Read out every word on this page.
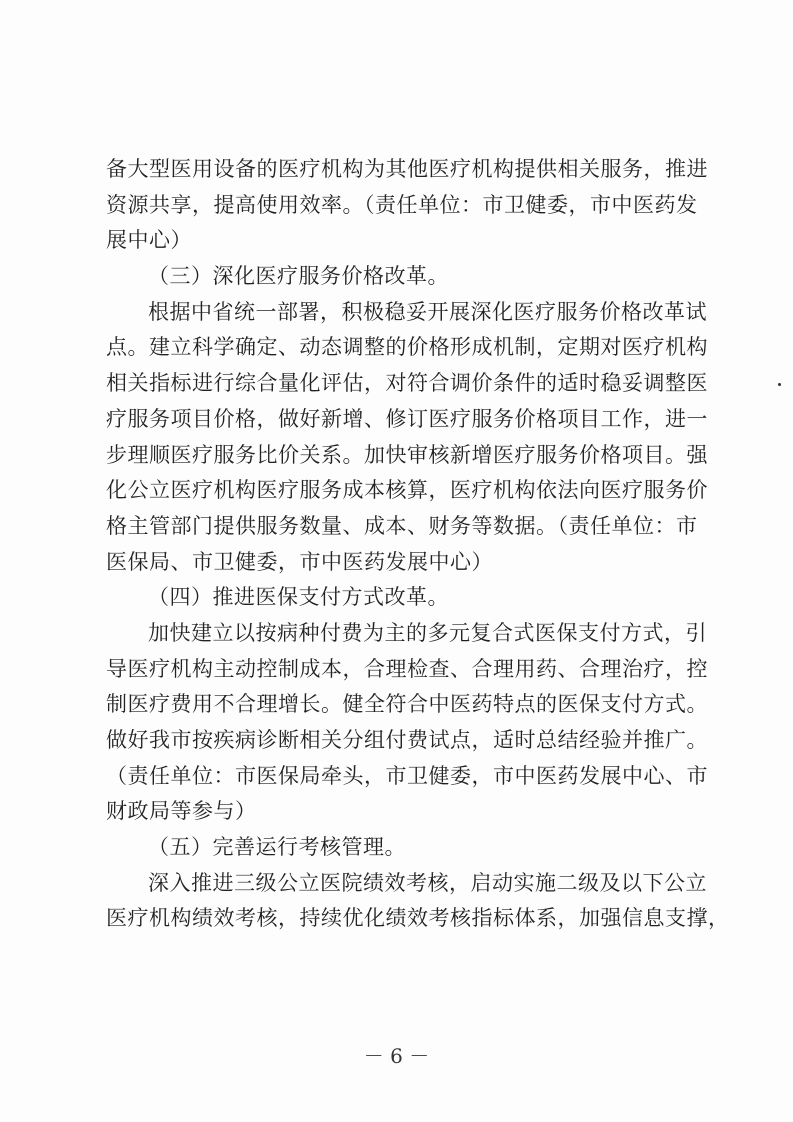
备大型医用设备的医疗机构为其他医疗机构提供相关服务，推进
资源共享，提高使用效率。（责任单位：市卫健委，市中医药发
展中心）
（三）深化医疗服务价格改革。
根据中省统一部署，积极稳妥开展深化医疗服务价格改革试
点。建立科学确定、动态调整的价格形成机制，定期对医疗机构
相关指标进行综合量化评估，对符合调价条件的适时稳妥调整医
疗服务项目价格，做好新增、修订医疗服务价格项目工作，进一
步理顺医疗服务比价关系。加快审核新增医疗服务价格项目。强
化公立医疗机构医疗服务成本核算，医疗机构依法向医疗服务价
格主管部门提供服务数量、成本、财务等数据。（责任单位：市
医保局、市卫健委，市中医药发展中心）
（四）推进医保支付方式改革。
加快建立以按病种付费为主的多元复合式医保支付方式，引
导医疗机构主动控制成本，合理检查、合理用药、合理治疗，控
制医疗费用不合理增长。健全符合中医药特点的医保支付方式。
做好我市按疾病诊断相关分组付费试点，适时总结经验并推广。
（责任单位：市医保局牵头，市卫健委，市中医药发展中心、市
财政局等参与）
（五）完善运行考核管理。
深入推进三级公立医院绩效考核，启动实施二级及以下公立
医疗机构绩效考核，持续优化绩效考核指标体系，加强信息支撑，
－ 6 －
